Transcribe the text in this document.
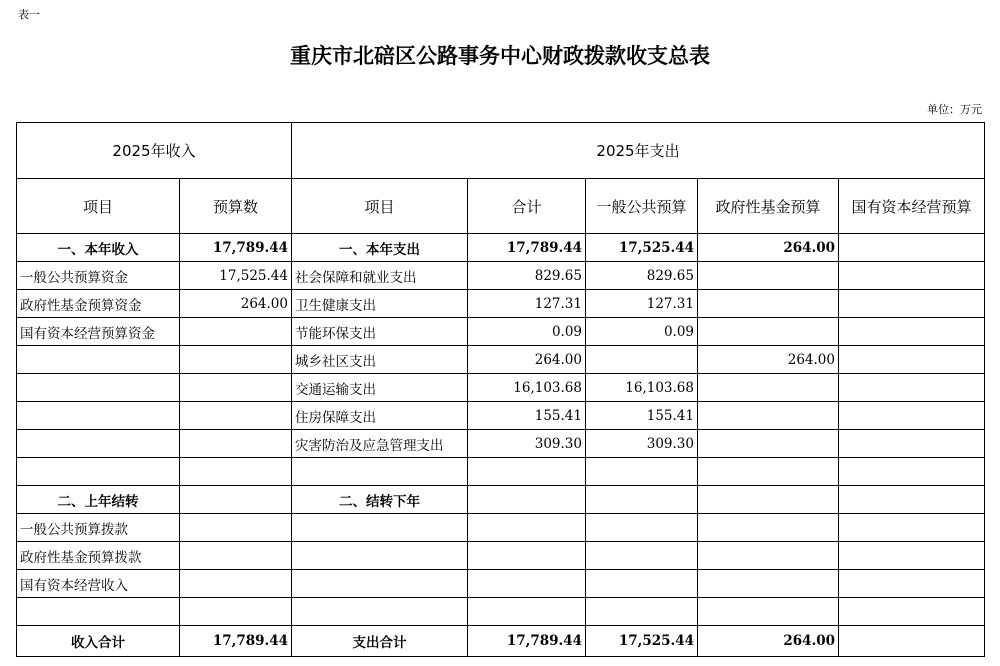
表一
重庆市北碚区公路事务中心财政拨款收支总表
单位：万元
2025年收入		2025年支出				
项目	预算数	项目	合计	一般公共预算	政府性基金预算	国有资本经营预算
一、本年收入	17,789.44	一、本年支出	17,789.44	17,525.44	264.00	
一般公共预算资金	17,525.44	社会保障和就业支出	829.65	829.65		
政府性基金预算资金	264.00	卫生健康支出	127.31	127.31		
国有资本经营预算资金		节能环保支出	0.09	0.09		
		城乡社区支出	264.00		264.00	
		交通运输支出	16,103.68	16,103.68		
		住房保障支出	155.41	155.41		
		灾害防治及应急管理支出	309.30	309.30		

二、上年结转		二、结转下年				
一般公共预算拨款						
政府性基金预算拨款						
国有资本经营收入						

收入合计	17,789.44	支出合计	17,789.44	17,525.44	264.00	
